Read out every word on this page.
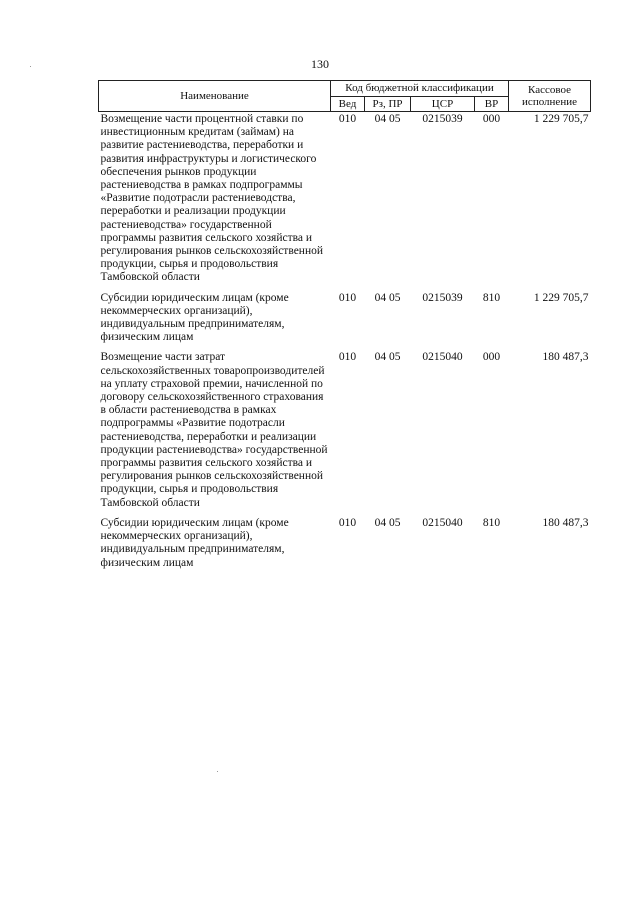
130
Наименование	Код бюджетной классификации				Кассовое исполнение
	Вед	Рз, ПР	ЦСР	ВР	
Возмещение части процентной ставки по инвестиционным кредитам (займам) на развитие растениеводства, переработки и развития инфраструктуры и логистического обеспечения рынков продукции растениеводства в рамках подпрограммы «Развитие подотрасли растениеводства, переработки и реализации продукции растениеводства» государственной программы развития сельского хозяйства и регулирования рынков сельскохозяйственной продукции, сырья и продовольствия Тамбовской области	010	04 05	0215039	000	1 229 705,7
Субсидии юридическим лицам (кроме некоммерческих организаций), индивидуальным предпринимателям, физическим лицам	010	04 05	0215039	810	1 229 705,7
Возмещение части затрат сельскохозяйственных товаропроизводителей на уплату страховой премии, начисленной по договору сельскохозяйственного страхования в области растениеводства в рамках подпрограммы «Развитие подотрасли растениеводства, переработки и реализации продукции растениеводства» государственной программы развития сельского хозяйства и регулирования рынков сельскохозяйственной продукции, сырья и продовольствия Тамбовской области	010	04 05	0215040	000	180 487,3
Субсидии юридическим лицам (кроме некоммерческих организаций), индивидуальным предпринимателям, физическим лицам	010	04 05	0215040	810	180 487,3
